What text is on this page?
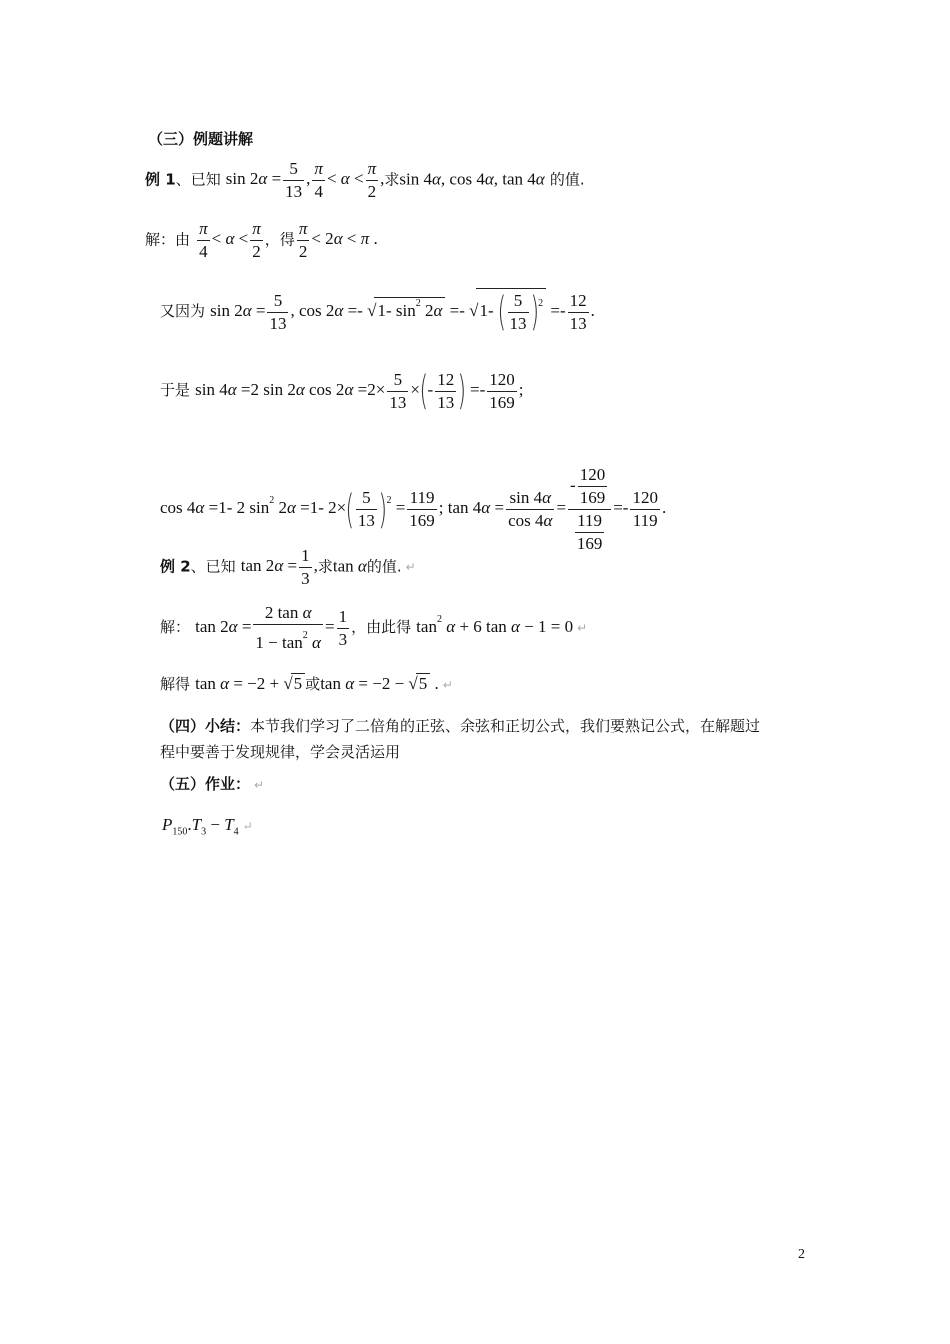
（三）例题讲解
例 1、已知 $\sin 2\alpha = \frac{5}{13}$ , $\frac{\pi}{4} < \alpha < \frac{\pi}{2}$ ,求sin 4α, cos 4α, tan 4α 的值.
解：由 $\frac{\pi}{4} < \alpha < \frac{\pi}{2}$ ，得 $\frac{\pi}{2} < 2\alpha < \pi$ .
又因为 $\sin 2\alpha = \frac{5}{13}$ , cos 2α =- √1- $\sin^2 2\alpha =- √1-$ ( $\frac{5}{13} )^2 =- \frac{12}{13}$ .
于是 sin 4α =2 sin 2α $\cos 2\alpha =2\times \frac{5}{13}$ ×(- $\frac{12}{13}$ ) =- $\frac{120}{169}$ ;
cos 4α =1- 2 $\sin^2 2\alpha =1-$ $2\times( \frac{5}{13} )^2 = \frac{119}{169}$ ; $\tan 4\alpha = \frac{\sin 4\alpha}{\cos 4\alpha} = \frac{- \frac{120}{169}}{\frac{119}{169}} =- \frac{120}{119}$ .
例 2、已知 $\tan 2\alpha = \frac{1}{3}$ ,求tan α的值. ↵
解： $\tan 2\alpha = \frac{\text{2 tan α}}{1 - \tan^2 \alpha} = \frac{1}{3}$ ，由此得 $\tan^2 \alpha + 6$ tan α − 1 = 0 ↵
解得 tan α = −2 + √5 或tan α = −2 − √5 . ↵
（四）小结：本节我们学习了二倍角的正弦、余弦和正切公式，我们要熟记公式，在解题过
程中要善于发现规律，学会灵活运用
（五）作业： ↵
$P_{150}.T_3 - T_4$ ↵
2
